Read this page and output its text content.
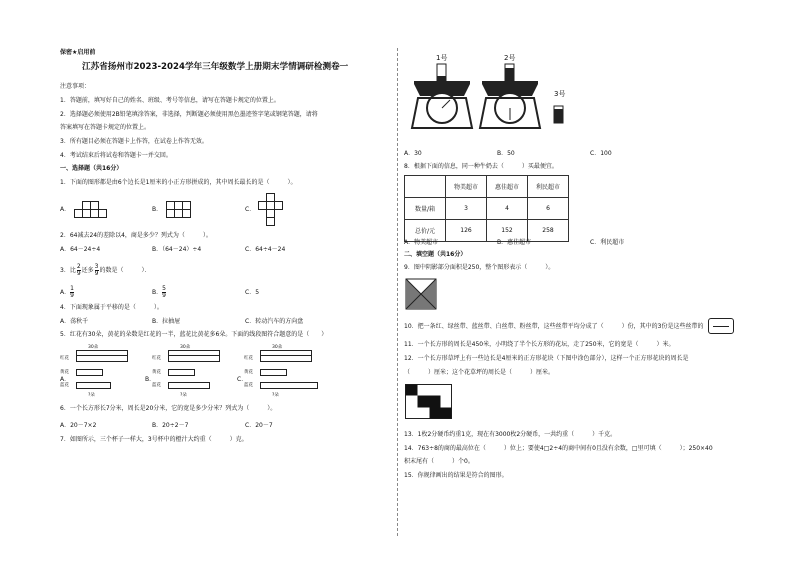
保密★启用前
江苏省扬州市2023-2024学年三年级数学上册期末学情调研检测卷一
注意事项：
1．答题前，填写好自己的姓名、班级、考号等信息，请写在答题卡规定的位置上。
2．选择题必须使用2B铅笔填涂答案，非选择，判断题必须使用黑色墨迹签字笔或钢笔答题，请将
答案填写在答题卡规定的位置上。
3．所有题目必须在答题卡上作答，在试卷上作答无效。
4．考试结束后将试卷和答题卡一并交回。
一、选择题（共16分）
1．下面的图形都是由6个边长是1厘米的小正方形拼成的，其中周长最长的是（　　　）。
A．	B．	C．
2．64减去24的差除以4，商是多少？列式为（　　　）。
A．64－24÷4	B．（64－24）÷4	C．64÷4－24
3．比 $\frac{2}{9}$ 还多 $\frac{3}{9}$ 的数是（　　　）．
A． $\frac{1}{9}$	B． $\frac{5}{9}$	C．5
4．下面现象属于平移的是（　　　）。
A．荡秋千	B．拉抽屉	C．转动汽车的方向盘
5．红花有30朵，黄花的朵数是红花的一半，蓝花比黄花多6朵。下面的线段图符合题意的是（　　）
30朵
红花
黄花
蓝花
?朵
A．
30朵
红花
黄花
蓝花
?朵
B．
30朵
红花
黄花
蓝花
?朵
C．
6．一个长方形长7分米，周长是20分米，它的宽是多少分米？列式为（　　　）。
A．20－7×2	B．20÷2－7	C．20－7
7．如图所示，三个杯子一样大，3号杯中的橙汁大约重（　　　）克。
1号	2号
3号
A．30	B．50	C．100
8．根据下面的信息，同一种牛奶去（　　　）买最便宜。
	物美超市	惠佳超市	利民超市
数量/箱	3	4	6
总价/元	126	152	258
A．物美超市	B．惠佳超市	C．利民超市
二、填空题（共16分）
9．图中阴影部分面积是250，整个图形表示（　　　）。
10．把一条红、绿丝带、蓝丝带、白丝带、粉丝带，这些丝带平均分成了（　　　）份，其中的3份是这些丝带的
11．一个长方形的周长是450米，小明绕了半个长方形的花坛，走了250米，它的宽是（　　　）米。
12．一个长方形草坪上有一些边长是4厘米的正方形花块（下图中涂色部分），这样一个正方形花块的周长是
（　　　）厘米；这个花草坪的周长是（　　　）厘米。
13．1枚2分硬币约重1克，现在有3000枚2分硬币，一共约重（　　　）千克。
14．763÷8的商的最高位在（　　　）位上；要使4□2÷4的商中间有0且没有余数，□里可填（　　　）；250×40
积末尾有（　　　）个0。
15．你规律画出的结果是符合的图形。
